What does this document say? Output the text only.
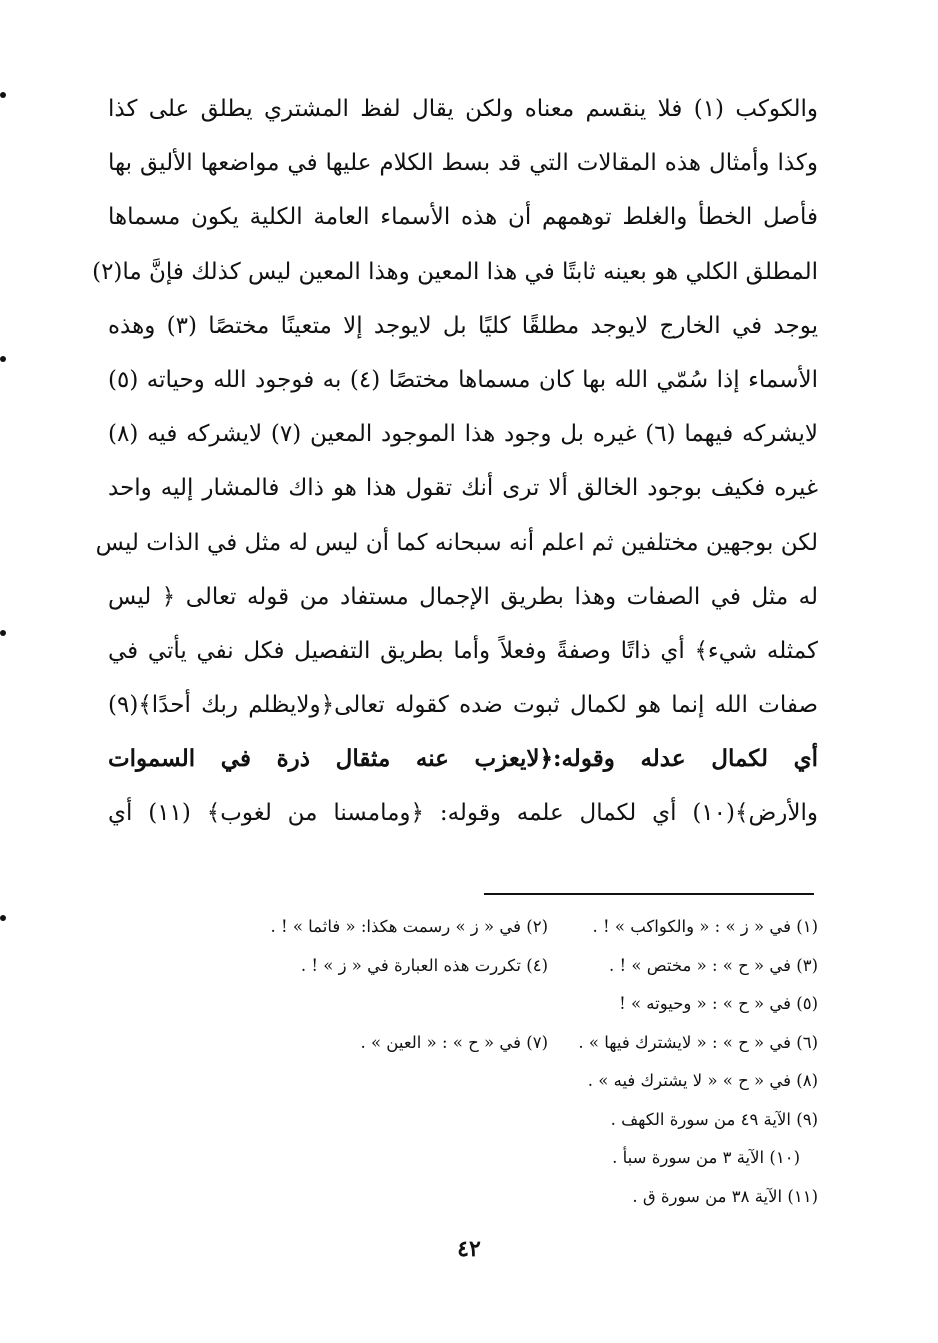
والكوكب (١) فلا ينقسم معناه ولكن يقال لفظ المشتري يطلق على كذا
وكذا وأمثال هذه المقالات التي قد بسط الكلام عليها في مواضعها الأليق بها
فأصل الخطأ والغلط توهمهم أن هذه الأسماء العامة الكلية يكون مسماها
المطلق الكلي هو بعينه ثابتًا في هذا المعين وهذا المعين ليس كذلك فإنَّ ما(٢)
يوجد في الخارج لايوجد مطلقًا كليًا بل لايوجد إلا متعينًا مختصًا (٣) وهذه
الأسماء إذا سُمّي الله بها كان مسماها مختصًا (٤) به فوجود الله وحياته (٥)
لايشركه فيهما (٦) غيره بل وجود هذا الموجود المعين (٧) لايشركه فيه (٨)
غيره فكيف بوجود الخالق ألا ترى أنك تقول هذا هو ذاك فالمشار إليه واحد
لكن بوجهين مختلفين ثم اعلم أنه سبحانه كما أن ليس له مثل في الذات ليس
له مثل في الصفات وهذا بطريق الإجمال مستفاد من قوله تعالى ﴿ ليس
كمثله شيء﴾ أي ذاتًا وصفةً وفعلاً وأما بطريق التفصيل فكل نفي يأتي في
صفات الله إنما هو لكمال ثبوت ضده كقوله تعالى﴿ولايظلم ربك أحدًا﴾(٩)
أي لكمال عدله وقوله:﴿لايعزب عنه مثقال ذرة في السموات
والأرض﴾(١٠) أي لكمال علمه وقوله: ﴿ومامسنا من لغوب﴾ (١١) أي
(١) في « ز » : « والكواكب » ! .
(٢) في « ز » رسمت هكذا: « فاثما » ! .
(٣) في « ح » : « مختص » ! .
(٤) تكررت هذه العبارة في « ز » ! .
(٥) في « ح » : « وحيوته » !
(٦) في « ح » : « لايشترك فيها » .
(٧) في « ح » : « العين » .
(٨) في « ح » « لا يشترك فيه » .
(٩) الآية ٤٩ من سورة الكهف .
(١٠) الآية ٣ من سورة سبأ .
(١١) الآية ٣٨ من سورة ق .
٤٢
